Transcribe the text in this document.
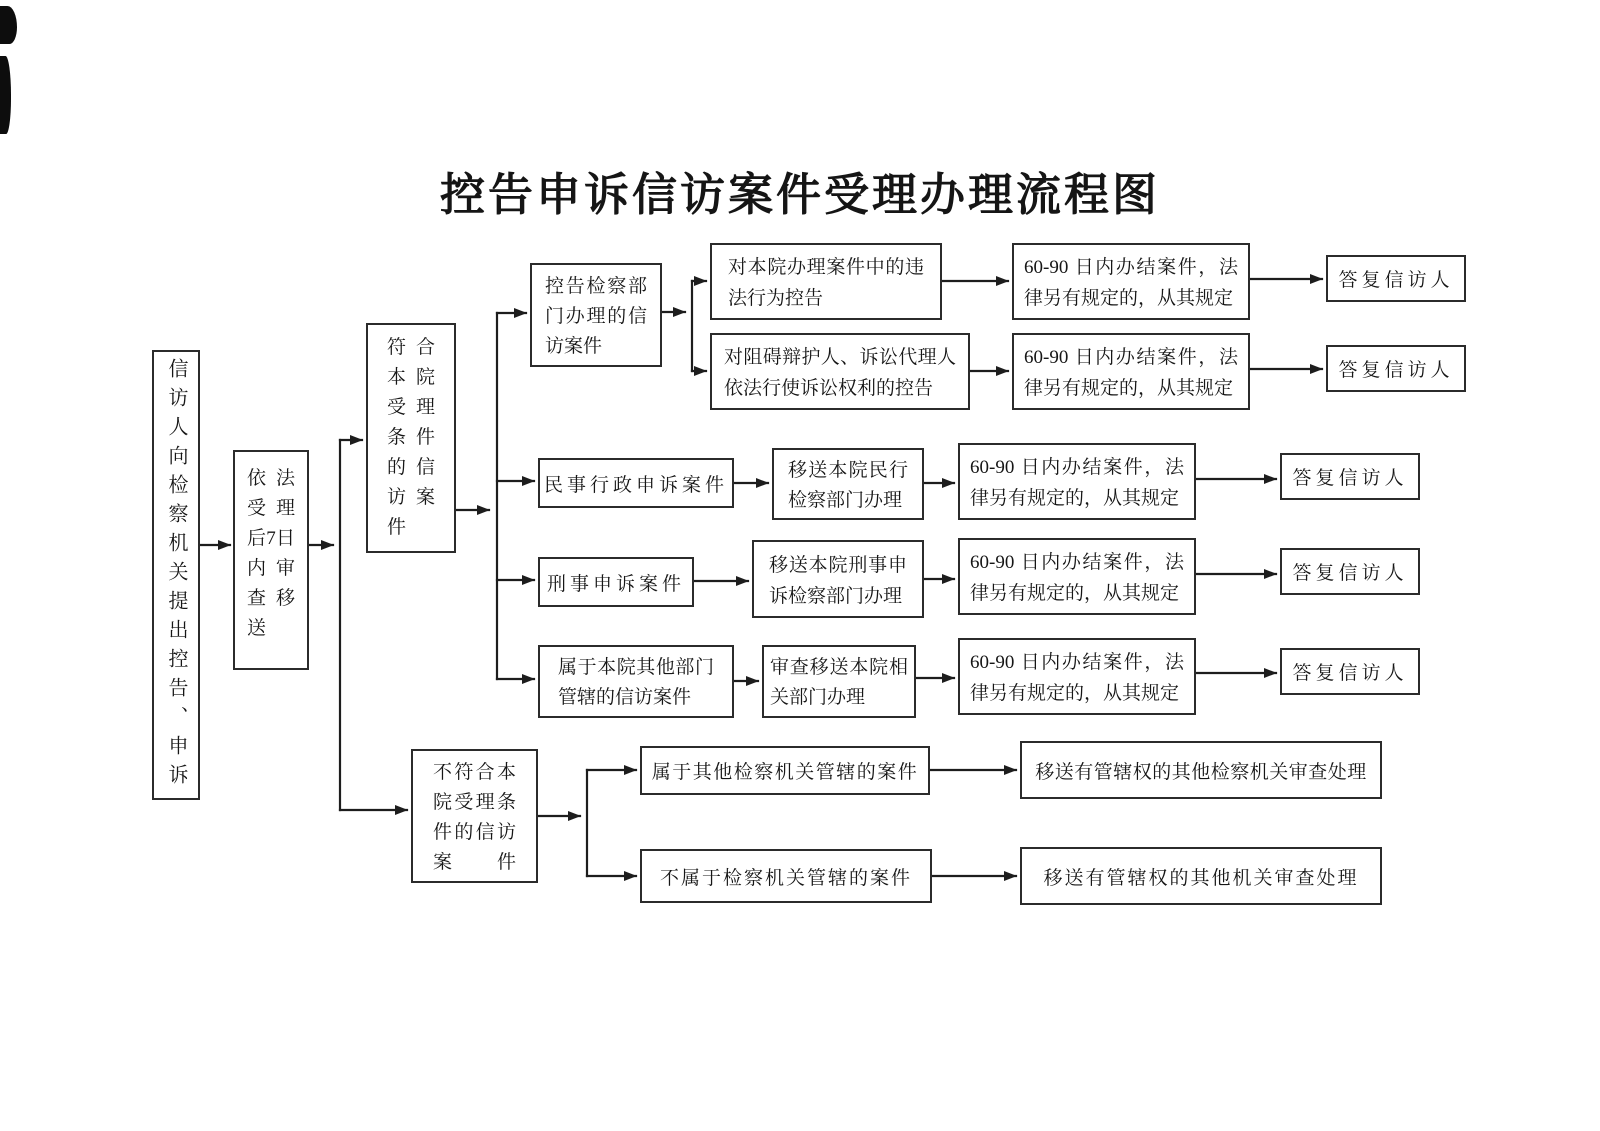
控告申诉信访案件受理办理流程图
信访人向检察机关提出控告、申诉	依法受理后7日内审查移送
符合本院受理条件的信访案件
不符合本院受理条件的信访案件
控告检察部门办理的信访案件
对本院办理案件中的违法行为控告
对阻碍辩护人、诉讼代理人依法行使诉讼权利的控告
60-90 日内办结案件，法律另有规定的，从其规定
60-90 日内办结案件，法律另有规定的，从其规定
60-90 日内办结案件，法律另有规定的，从其规定
60-90 日内办结案件，法律另有规定的，从其规定
60-90 日内办结案件，法律另有规定的，从其规定
答复信访人
答复信访人
答复信访人
答复信访人
答复信访人
民事行政申诉案件
移送本院民行检察部门办理
刑事申诉案件
移送本院刑事申诉检察部门办理
属于本院其他部门管辖的信访案件
审查移送本院相关部门办理
属于其他检察机关管辖的案件	移送有管辖权的其他检察机关审查处理
不属于检察机关管辖的案件	移送有管辖权的其他机关审查处理
